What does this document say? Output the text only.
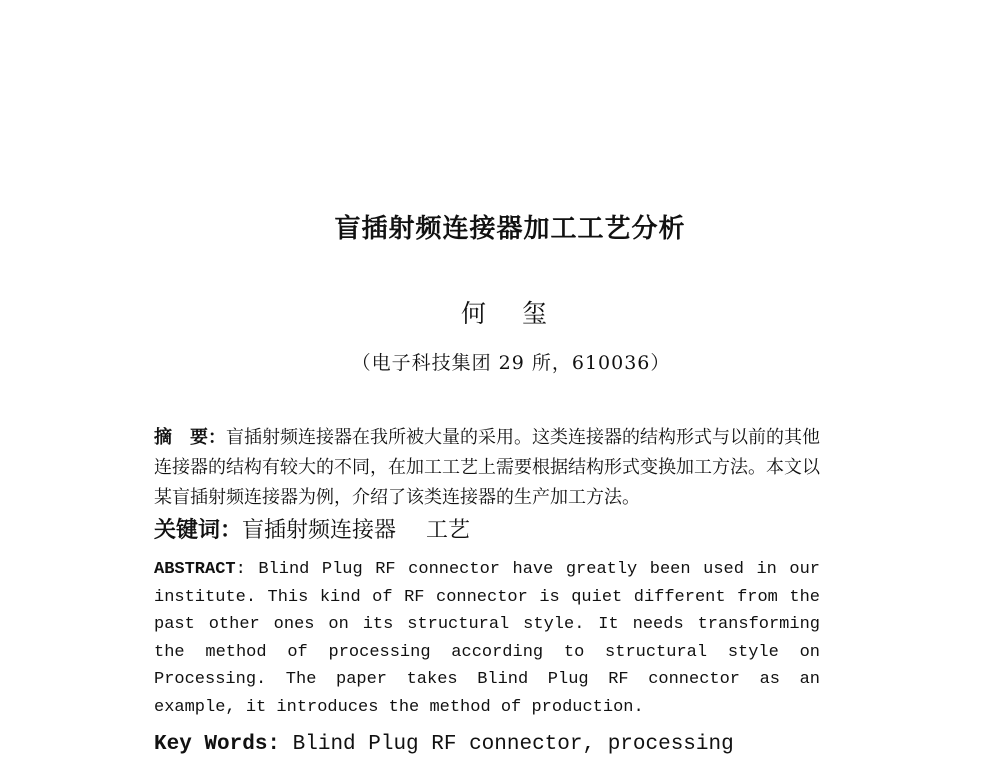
盲插射频连接器加工工艺分析
何 玺
（电子科技集团 29 所，610036）
摘　要：盲插射频连接器在我所被大量的采用。这类连接器的结构形式与以前的其他连接器的结构有较大的不同，在加工工艺上需要根据结构形式变换加工方法。本文以某盲插射频连接器为例，介绍了该类连接器的生产加工方法。
关键词：盲插射频连接器 工艺
ABSTRACT: Blind Plug RF connector have greatly been used in our institute. This kind of RF connector is quiet different from the past other ones on its structural style. It needs transforming the method of processing according to structural style on Processing. The paper takes Blind Plug RF connector as an example, it introduces the method of production.
Key Words: Blind Plug RF connector, processing
